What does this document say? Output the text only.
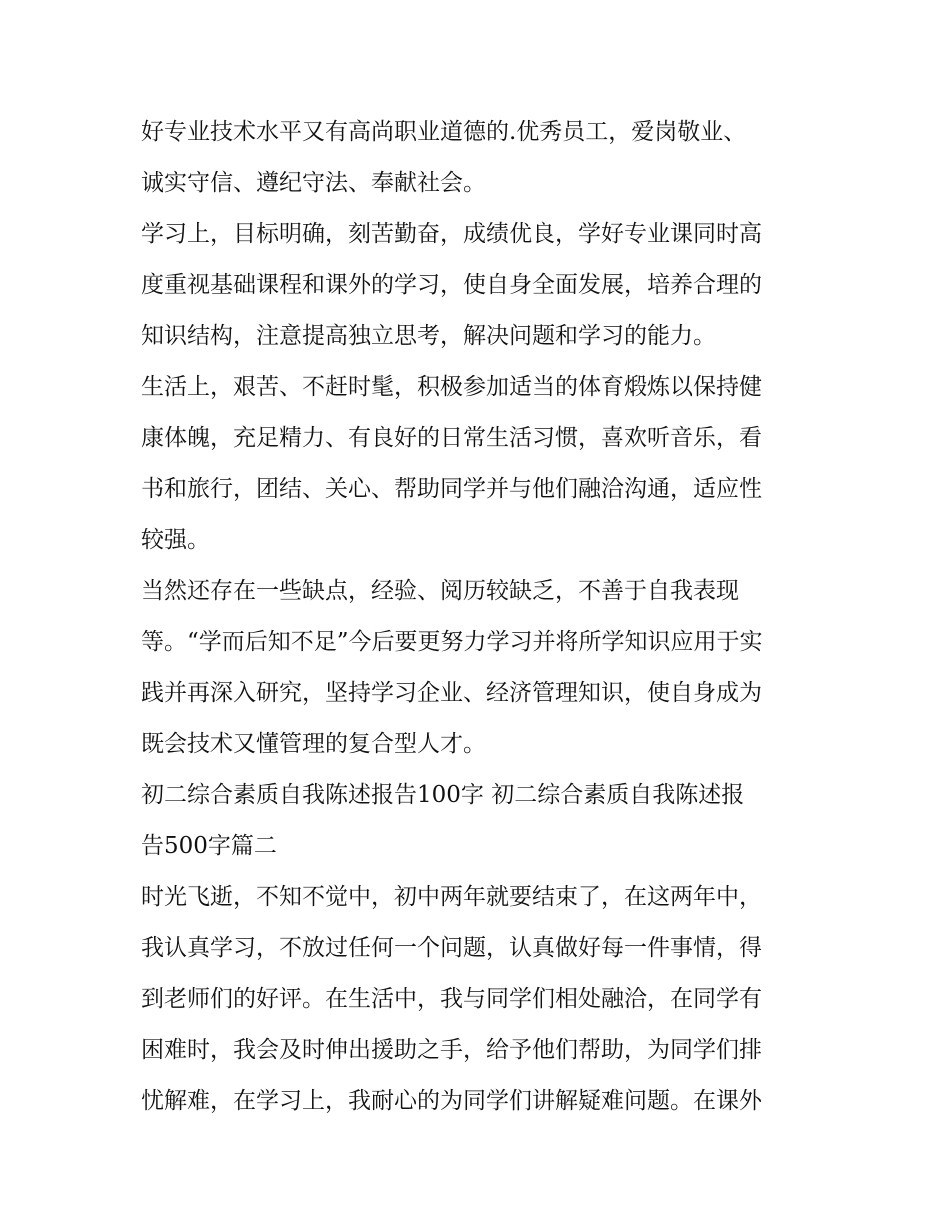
好专业技术水平又有高尚职业道德的.优秀员工，爱岗敬业、
诚实守信、遵纪守法、奉献社会。
学习上，目标明确，刻苦勤奋，成绩优良，学好专业课同时高
度重视基础课程和课外的学习，使自身全面发展，培养合理的
知识结构，注意提高独立思考，解决问题和学习的能力。
生活上，艰苦、不赶时髦，积极参加适当的体育煅炼以保持健
康体魄，充足精力、有良好的日常生活习惯，喜欢听音乐，看
书和旅行，团结、关心、帮助同学并与他们融洽沟通，适应性
较强。
当然还存在一些缺点，经验、阅历较缺乏，不善于自我表现
等。“学而后知不足”今后要更努力学习并将所学知识应用于实
践并再深入研究，坚持学习企业、经济管理知识，使自身成为
既会技术又懂管理的复合型人才。
初二综合素质自我陈述报告100字 初二综合素质自我陈述报
告500字篇二
时光飞逝，不知不觉中，初中两年就要结束了，在这两年中，
我认真学习，不放过任何一个问题，认真做好每一件事情，得
到老师们的好评。在生活中，我与同学们相处融洽，在同学有
困难时，我会及时伸出援助之手，给予他们帮助，为同学们排
忧解难，在学习上，我耐心的为同学们讲解疑难问题。在课外
